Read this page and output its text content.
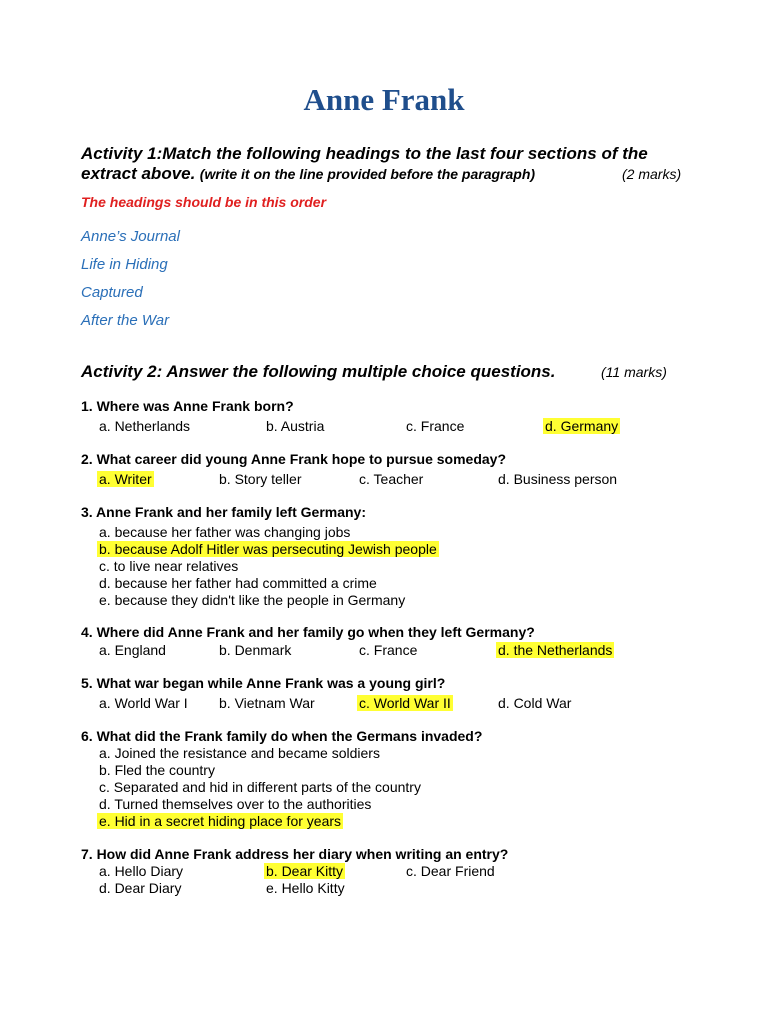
Anne Frank
Activity 1:Match the following headings to the last four sections of the
extract above. (write it on the line provided before the paragraph)	(2 marks)
The headings should be in this order
Anne’s Journal
Life in Hiding
Captured
After the War
Activity 2: Answer the following multiple choice questions.	(11 marks)
1. Where was Anne Frank born?
a. Netherlands	b. Austria	c. France	d. Germany
2. What career did young Anne Frank hope to pursue someday?
a. Writer	b. Story teller	c. Teacher	d. Business person
3. Anne Frank and her family left Germany:
a. because her father was changing jobs
b. because Adolf Hitler was persecuting Jewish people
c. to live near relatives
d. because her father had committed a crime
e. because they didn't like the people in Germany
4. Where did Anne Frank and her family go when they left Germany?
a. England	b. Denmark	c. France	d. the Netherlands
5. What war began while Anne Frank was a young girl?
a. World War I b. Vietnam War	c. World War II	d. Cold War
6. What did the Frank family do when the Germans invaded?
a. Joined the resistance and became soldiers
b. Fled the country
c. Separated and hid in different parts of the country
d. Turned themselves over to the authorities
e. Hid in a secret hiding place for years
7. How did Anne Frank address her diary when writing an entry?
a. Hello Diary	b. Dear Kitty	c. Dear Friend
d. Dear Diary	e. Hello Kitty
